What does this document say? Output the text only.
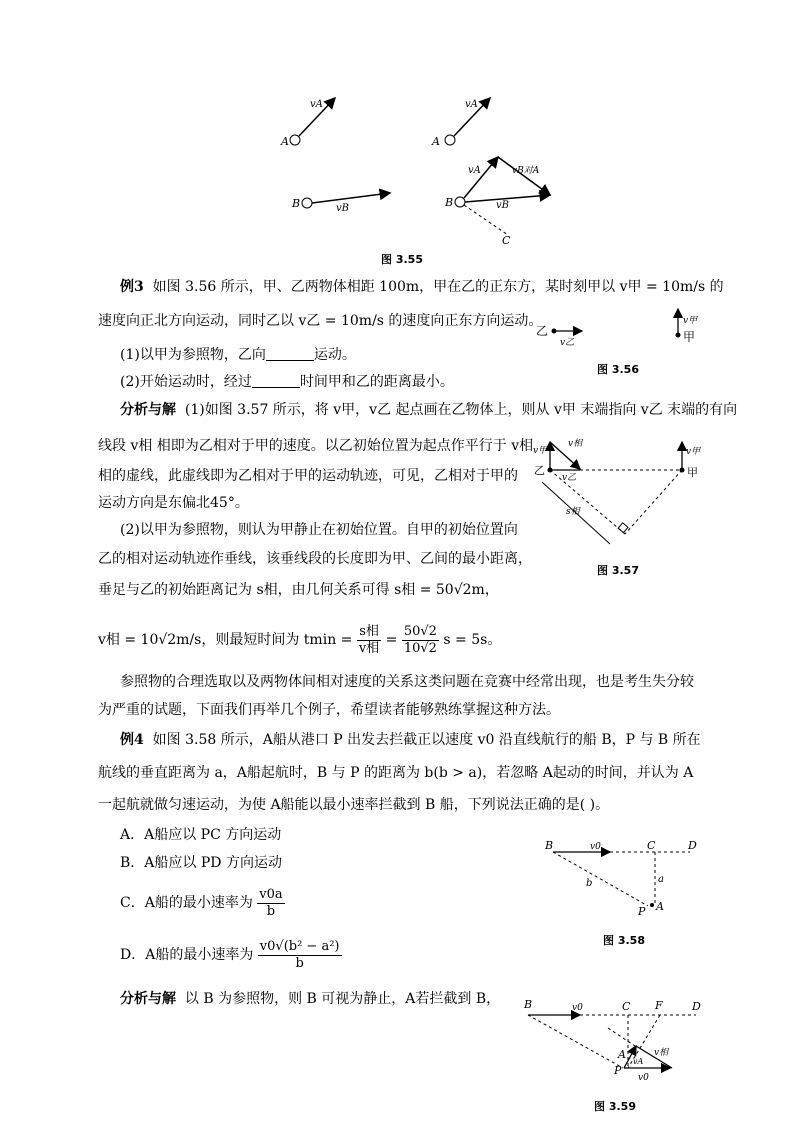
A
vA
B	vB
A
vA
B
vA	vB对A
vB
C
图 3.55
例3 如图 3.56 所示，甲、乙两物体相距 100m，甲在乙的正东方，某时刻甲以 v甲 = 10m/s 的
速度向正北方向运动，同时乙以 v乙 = 10m/s 的速度向正东方向运动。
(1)以甲为参照物，乙向	运动。
(2)开始运动时，经过	时间甲和乙的距离最小。
乙
v乙	甲
v甲
图 3.56
分析与解 (1)如图 3.57 所示，将 v甲，v乙 起点画在乙物体上，则从 v甲 末端指向 v乙 末端的有向
线段 v相 相即为乙相对于甲的速度。以乙初始位置为起点作平行于 v相
相的虚线，此虚线即为乙相对于甲的运动轨迹，可见，乙相对于甲的
运动方向是东偏北45°。
(2)以甲为参照物，则认为甲静止在初始位置。自甲的初始位置向
乙的相对运动轨迹作垂线，该垂线段的长度即为甲、乙间的最小距离，
垂足与乙的初始距离记为 s相，由几何关系可得 s相 = 50√2m，
v相 = 10√2m/s，则最短时间为 $tmin = \frac{\text{s相}}{\text{v相}} = \frac{50√2}{10√2}$ s = 5s。
v甲
v相
乙
v乙	甲
v甲
s相
图 3.57
参照物的合理选取以及两物体间相对速度的关系这类问题在竞赛中经常出现，也是考生失分较
为严重的试题，下面我们再举几个例子，希望读者能够熟练掌握这种方法。
例4 如图 3.58 所示，A船从港口 P 出发去拦截正以速度 v0 沿直线航行的船 B，P 与 B 所在
航线的垂直距离为 a，A船起航时，B 与 P 的距离为 b(b > a)，若忽略 A起动的时间，并认为 A
一起航就做匀速运动，为使 A船能以最小速率拦截到 B 船，下列说法正确的是( )。
A．A船应以 PC 方向运动
B．A船应以 PD 方向运动
C．A船的最小速率为 $\frac{v0a}{b}$
D．A船的最小速率为 $\frac{\text{v0√(b² − a²)}}{b}$
B	v0	C	D
a
b
P A
图 3.58
分析与解 以 B 为参照物，则 B 可视为静止，A若拦截到 B，	B	v0	C F	D
v相
vA
A
P
v0
图 3.59
